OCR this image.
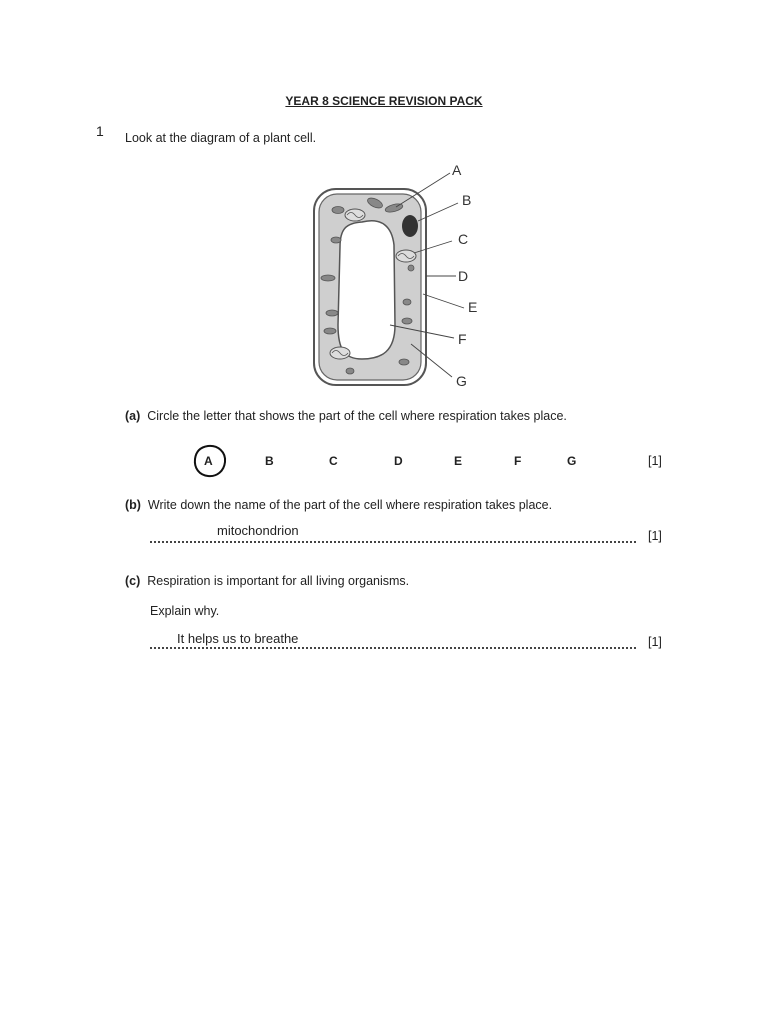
YEAR 8 SCIENCE REVISION PACK
1 Look at the diagram of a plant cell.
A
B
C
D
E
F
G
(a) Circle the letter that shows the part of the cell where respiration takes place.
A	B	C	D	E	F	G	[1]
(b) Write down the name of the part of the cell where respiration takes place.
mitochondrion	[1]
(c) Respiration is important for all living organisms.
Explain why.
It helps us to breathe	[1]
